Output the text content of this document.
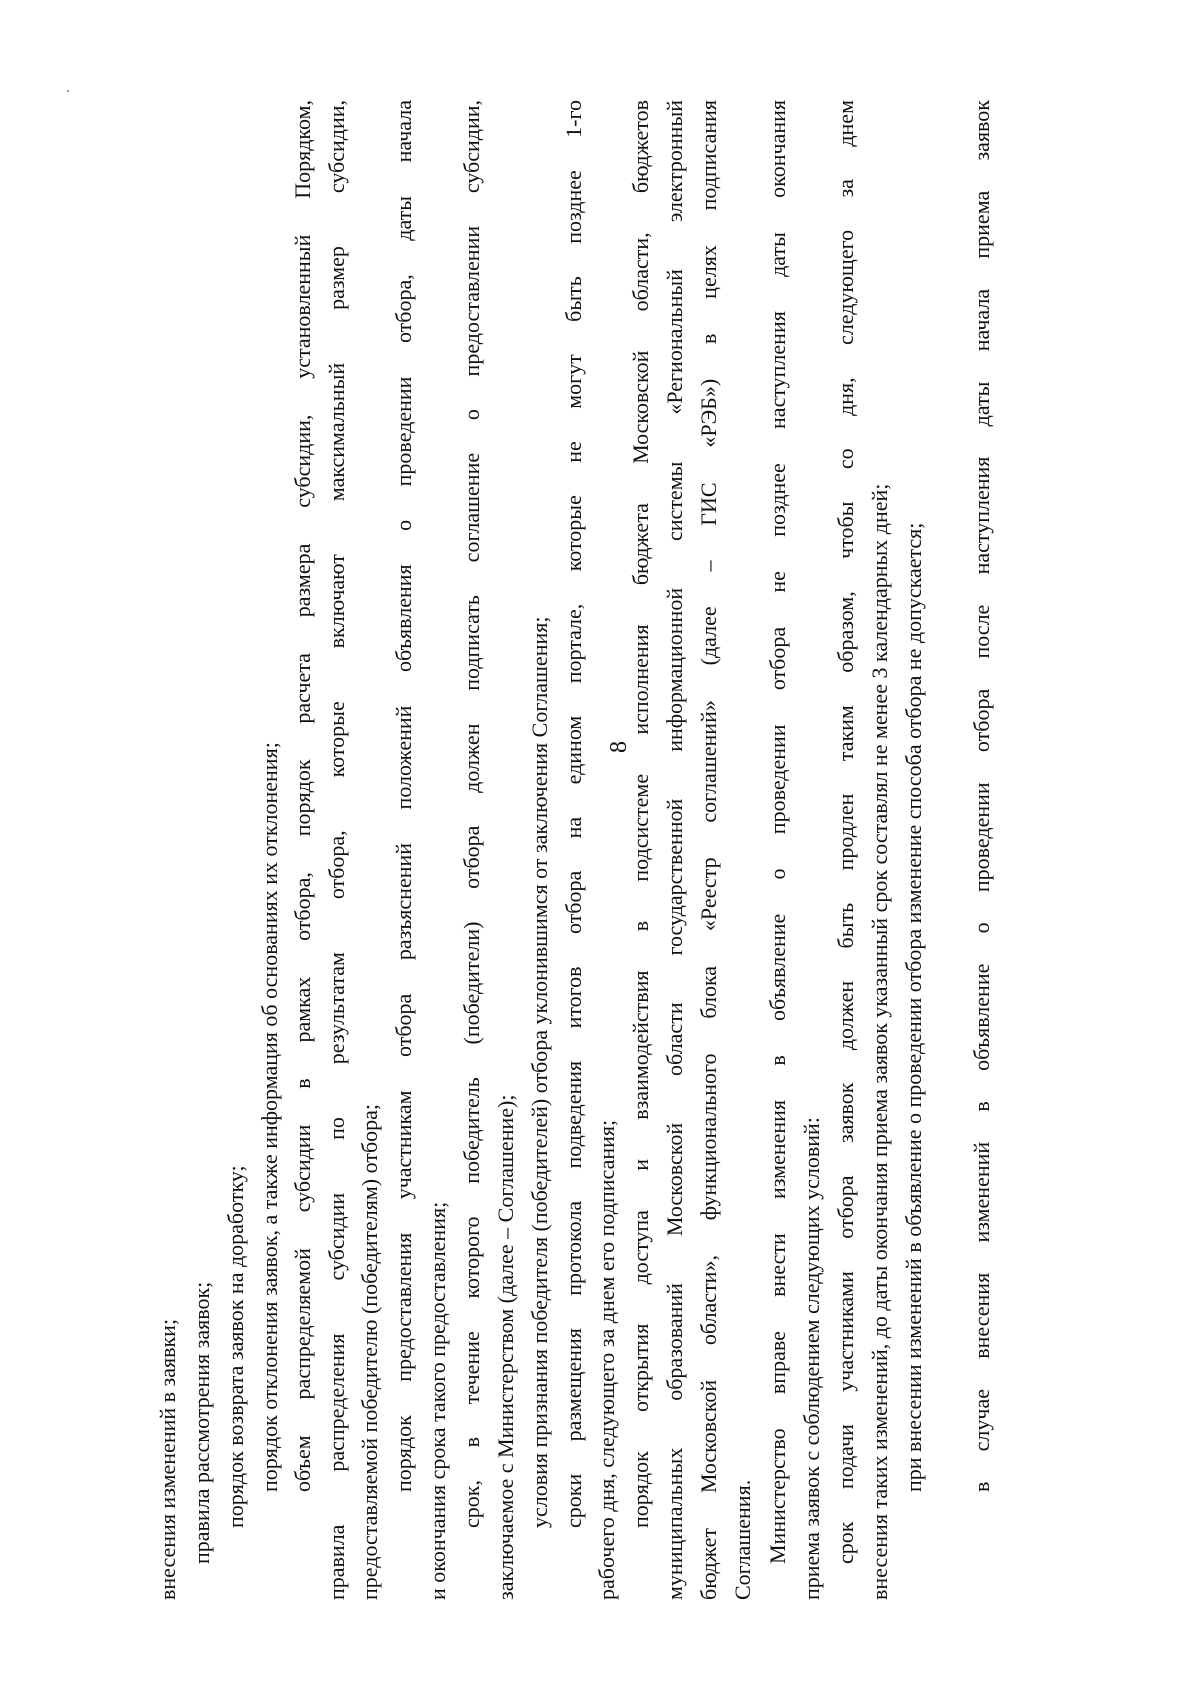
8
внесения изменений в заявки; правила рассмотрения заявок; порядок возврата заявок на доработку; порядок отклонения заявок, а также информация об основаниях их отклонения; объем распределяемой субсидии в рамках отбора, порядок расчета размера субсидии, установленный Порядком, правила распределения субсидии по результатам отбора, которые включают максимальный размер субсидии, предоставляемой победителю (победителям) отбора; порядок предоставления участникам отбора разъяснений положений объявления о проведении отбора, даты начала и окончания срока такого предоставления; срок, в течение которого победитель (победители) отбора должен подписать соглашение о предоставлении субсидии, заключаемое с Министерством (далее – Соглашение); условия признания победителя (победителей) отбора уклонившимся от заключения Соглашения; сроки размещения протокола подведения итогов отбора на едином портале, которые не могут быть позднее 1-го рабочего дня, следующего за днем его подписания; порядок открытия доступа и взаимодействия в подсистеме исполнения бюджета Московской области, бюджетов муниципальных образований Московской области государственной информационной системы «Региональный электронный бюджет Московской области», функционального блока «Реестр соглашений» (далее – ГИС «РЭБ») в целях подписания Соглашения. Министерство вправе внести изменения в объявление о проведении отбора не позднее наступления даты окончания приема заявок с соблюдением следующих условий: срок подачи участниками отбора заявок должен быть продлен таким образом, чтобы со дня, следующего за днем внесения таких изменений, до даты окончания приема заявок указанный срок составлял не менее 3 календарных дней; при внесении изменений в объявление о проведении отбора изменение способа отбора не допускается; в случае внесения изменений в объявление о проведении отбора после наступления даты начала приема заявок
